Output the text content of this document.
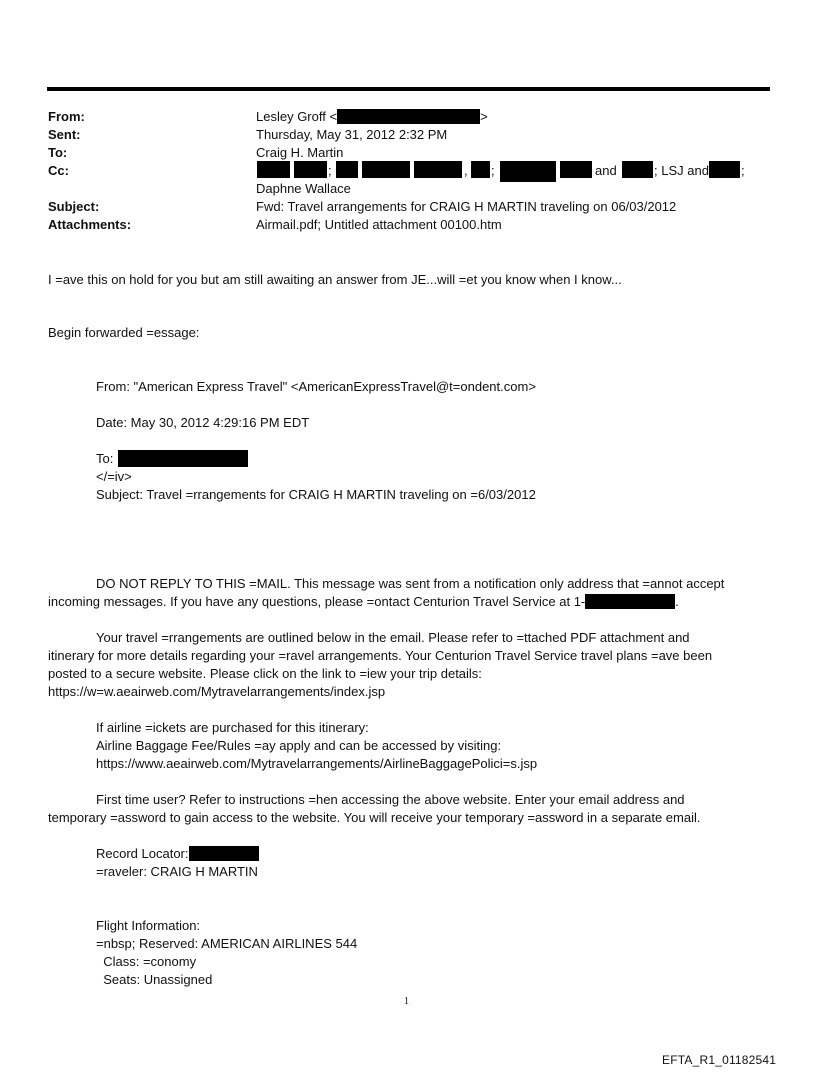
From:	Lesley Groff <	>
Sent:	Thursday, May 31, 2012 2:32 PM
To:	Craig H. Martin
Cc:	;	, ;	and	; LSJ and ;
Daphne Wallace
Subject:	Fwd: Travel arrangements for CRAIG H MARTIN traveling on 06/03/2012
Attachments:	Airmail.pdf; Untitled attachment 00100.htm
I =ave this on hold for you but am still awaiting an answer from JE...will =et you know when I know...
Begin forwarded =essage:
From: "American Express Travel" <AmericanExpressTravel@t=ondent.com>
Date: May 30, 2012 4:29:16 PM EDT
To:
</=iv>
Subject: Travel =rrangements for CRAIG H MARTIN traveling on =6/03/2012
DO NOT REPLY TO THIS =MAIL. This message was sent from a notification only address that =annot accept
incoming messages. If you have any questions, please =ontact Centurion Travel Service at 1-	.
Your travel =rrangements are outlined below in the email. Please refer to =ttached PDF attachment and
itinerary for more details regarding your =ravel arrangements. Your Centurion Travel Service travel plans =ave been
posted to a secure website. Please click on the link to =iew your trip details:
https://w=w.aeairweb.com/Mytravelarrangements/index.jsp
If airline =ickets are purchased for this itinerary:
Airline Baggage Fee/Rules =ay apply and can be accessed by visiting:
https://www.aeairweb.com/Mytravelarrangements/AirlineBaggagePolici=s.jsp
First time user? Refer to instructions =hen accessing the above website. Enter your email address and
temporary =assword to gain access to the website. You will receive your temporary =assword in a separate email.
Record Locator:
=raveler: CRAIG H MARTIN
Flight Information:
=nbsp; Reserved: AMERICAN AIRLINES 544
Class: =conomy
Seats: Unassigned
1
EFTA_R1_01182541
